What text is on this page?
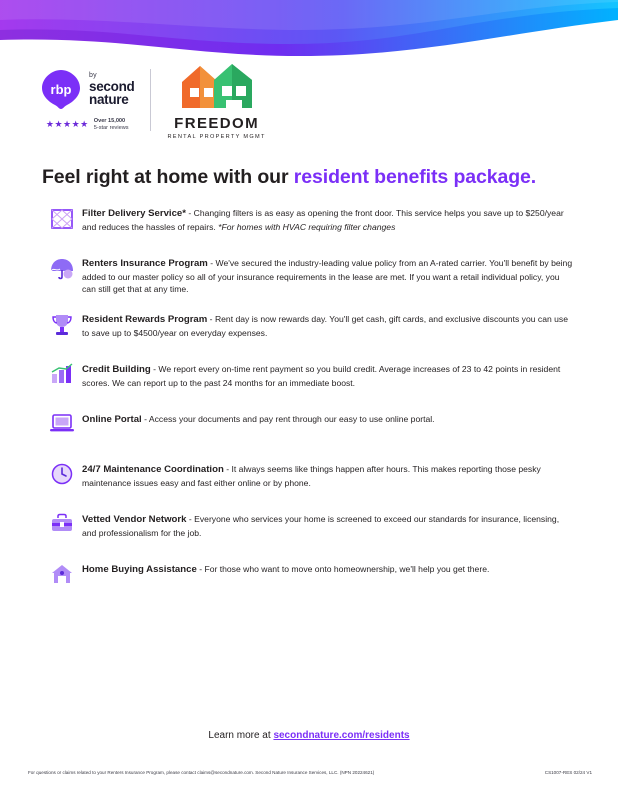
rbp
by
second
nature
★★★★★ Over 15,000
5-star reviews	FREEDOM
RENTAL PROPERTY MGMT
Feel right at home with our resident benefits package.
Filter Delivery Service* - Changing filters is as easy as opening the front door. This service helps you save up to $250/year and reduces the hassles of repairs. *For homes with HVAC requiring filter changes
Renters Insurance Program - We've secured the industry-leading value policy from an A-rated carrier. You'll benefit by being added to our master policy so all of your insurance requirements in the lease are met. If you want a retail individual policy, you can still get that at any time.
Resident Rewards Program - Rent day is now rewards day. You'll get cash, gift cards, and exclusive discounts you can use to save up to $4500/year on everyday expenses.
Credit Building - We report every on-time rent payment so you build credit. Average increases of 23 to 42 points in resident scores. We can report up to the past 24 months for an immediate boost.
Online Portal - Access your documents and pay rent through our easy to use online portal.
24/7 Maintenance Coordination - It always seems like things happen after hours. This makes reporting those pesky maintenance issues easy and fast either online or by phone.
Vetted Vendor Network - Everyone who services your home is screened to exceed our standards for insurance, licensing, and professionalism for the job.
Home Buying Assistance - For those who want to move onto homeownership, we'll help you get there.
Learn more at secondnature.com/residents
For questions or claims related to your Renters Insurance Program, please contact claims@secondnature.com. Second Nature Insurance Services, LLC. (NPN 20224621)	CS1007-RES 02/24 V1
